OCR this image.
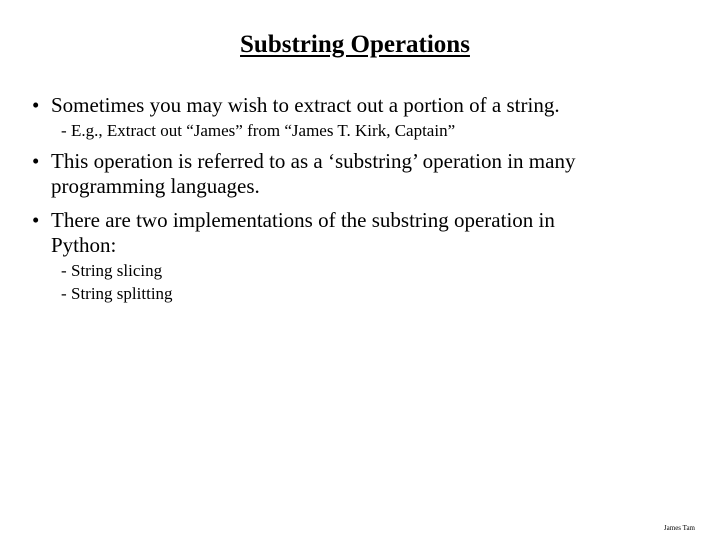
Substring Operations
• Sometimes you may wish to extract out a portion of a string.
- E.g., Extract out “James” from “James T. Kirk, Captain”
• This operation is referred to as a ‘substring’ operation in many
programming languages.
• There are two implementations of the substring operation in
Python:
- String slicing
- String splitting
James Tam
